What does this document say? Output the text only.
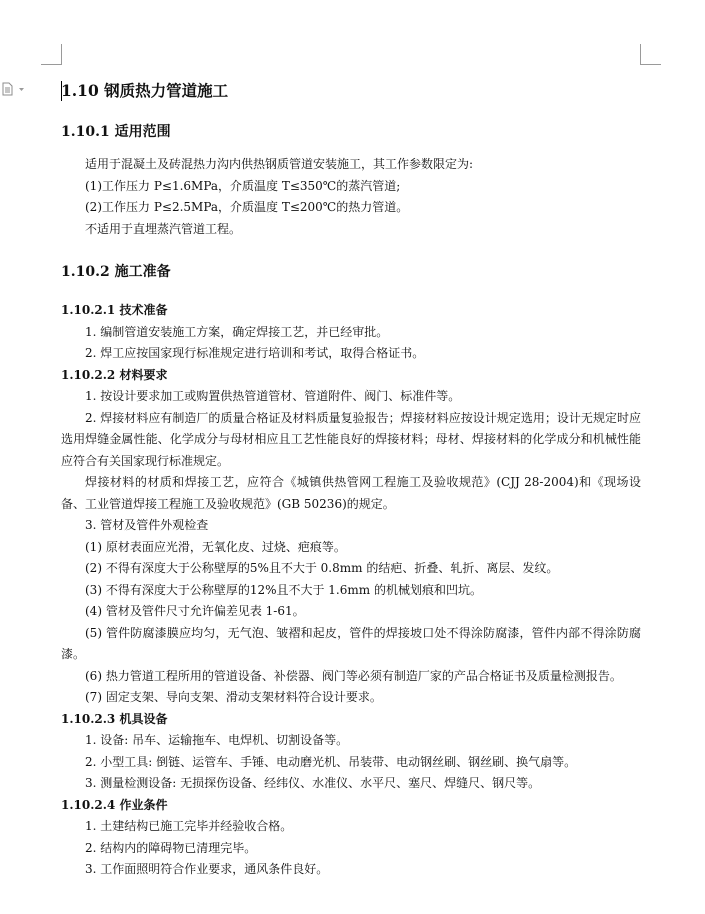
1.10 钢质热力管道施工
1.10.1 适用范围
适用于混凝土及砖混热力沟内供热钢质管道安装施工，其工作参数限定为:
(1)工作压力 P≤1.6MPa，介质温度 T≤350℃的蒸汽管道;
(2)工作压力 P≤2.5MPa，介质温度 T≤200℃的热力管道。
不适用于直埋蒸汽管道工程。
1.10.2 施工准备
1.10.2.1 技术准备
1. 编制管道安装施工方案，确定焊接工艺，并已经审批。
2. 焊工应按国家现行标准规定进行培训和考试，取得合格证书。
1.10.2.2 材料要求
1. 按设计要求加工或购置供热管道管材、管道附件、阀门、标准件等。
2. 焊接材料应有制造厂的质量合格证及材料质量复验报告；焊接材料应按设计规定选用；设计无规定时应选用焊缝金属性能、化学成分与母材相应且工艺性能良好的焊接材料；母材、焊接材料的化学成分和机械性能应符合有关国家现行标准规定。
焊接材料的材质和焊接工艺，应符合《城镇供热管网工程施工及验收规范》(CJJ 28-2004)和《现场设备、工业管道焊接工程施工及验收规范》(GB 50236)的规定。
3. 管材及管件外观检查
(1) 原材表面应光滑，无氧化皮、过烧、疤痕等。
(2) 不得有深度大于公称壁厚的5%且不大于 0.8mm 的结疤、折叠、轧折、离层、发纹。
(3) 不得有深度大于公称壁厚的12%且不大于 1.6mm 的机械划痕和凹坑。
(4) 管材及管件尺寸允许偏差见表 1-61。
(5) 管件防腐漆膜应均匀，无气泡、皱褶和起皮，管件的焊接坡口处不得涂防腐漆，管件内部不得涂防腐漆。
(6) 热力管道工程所用的管道设备、补偿器、阀门等必须有制造厂家的产品合格证书及质量检测报告。
(7) 固定支架、导向支架、滑动支架材料符合设计要求。
1.10.2.3 机具设备
1. 设备: 吊车、运输拖车、电焊机、切割设备等。
2. 小型工具: 倒链、运管车、手锤、电动磨光机、吊装带、电动钢丝刷、钢丝刷、换气扇等。
3. 测量检测设备: 无损探伤设备、经纬仪、水准仪、水平尺、塞尺、焊缝尺、钢尺等。
1.10.2.4 作业条件
1. 土建结构已施工完毕并经验收合格。
2. 结构内的障碍物已清理完毕。
3. 工作面照明符合作业要求，通风条件良好。
